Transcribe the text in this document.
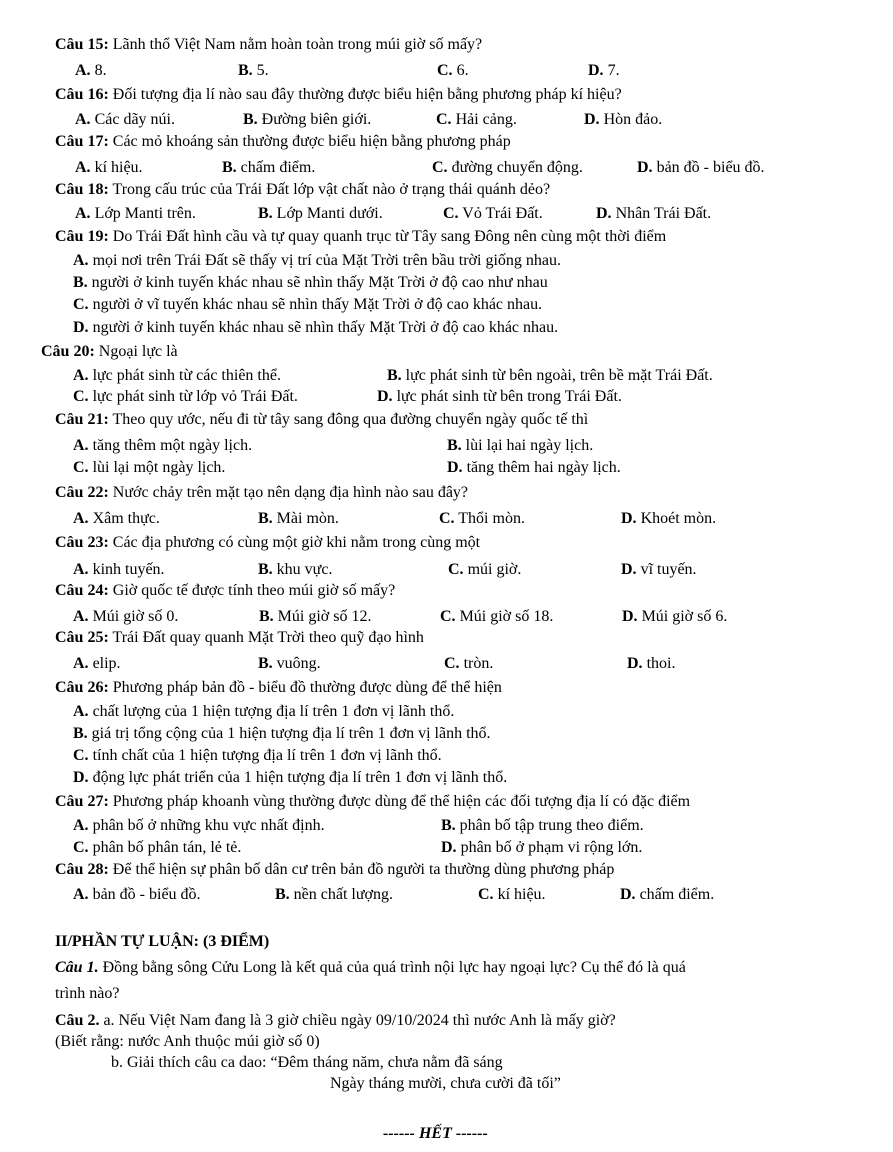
Câu 15: Lãnh thổ Việt Nam nằm hoàn toàn trong múi giờ số mấy?
A. 8.	B. 5.	C. 6.	D. 7.
Câu 16: Đối tượng địa lí nào sau đây thường được biểu hiện bằng phương pháp kí hiệu?
A. Các dãy núi.	B. Đường biên giới.	C. Hải cảng.	D. Hòn đảo.
Câu 17: Các mỏ khoáng sản thường được biểu hiện bằng phương pháp
A. kí hiệu.	B. chấm điểm.	C. đường chuyển động.	D. bản đồ - biểu đồ.
Câu 18: Trong cấu trúc của Trái Đất lớp vật chất nào ở trạng thái quánh dẻo?
A. Lớp Manti trên.	B. Lớp Manti dưới.	C. Vỏ Trái Đất.	D. Nhân Trái Đất.
Câu 19: Do Trái Đất hình cầu và tự quay quanh trục từ Tây sang Đông nên cùng một thời điểm
A. mọi nơi trên Trái Đất sẽ thấy vị trí của Mặt Trời trên bầu trời giống nhau.
B. người ở kinh tuyến khác nhau sẽ nhìn thấy Mặt Trời ở độ cao như nhau
C. người ở vĩ tuyến khác nhau sẽ nhìn thấy Mặt Trời ở độ cao khác nhau.
D. người ở kinh tuyến khác nhau sẽ nhìn thấy Mặt Trời ở độ cao khác nhau.
Câu 20: Ngoại lực là
A. lực phát sinh từ các thiên thể.	B. lực phát sinh từ bên ngoài, trên bề mặt Trái Đất.
C. lực phát sinh từ lớp vỏ Trái Đất.	D. lực phát sinh từ bên trong Trái Đất.
Câu 21: Theo quy ước, nếu đi từ tây sang đông qua đường chuyển ngày quốc tế thì
A. tăng thêm một ngày lịch.	B. lùi lại hai ngày lịch.
C. lùi lại một ngày lịch.	D. tăng thêm hai ngày lịch.
Câu 22: Nước chảy trên mặt tạo nên dạng địa hình nào sau đây?
A. Xâm thực.	B. Mài mòn.	C. Thổi mòn.	D. Khoét mòn.
Câu 23: Các địa phương có cùng một giờ khi nằm trong cùng một
A. kinh tuyến.	B. khu vực.	C. múi giờ.	D. vĩ tuyến.
Câu 24: Giờ quốc tế được tính theo múi giờ số mấy?
A. Múi giờ số 0.	B. Múi giờ số 12.	C. Múi giờ số 18.	D. Múi giờ số 6.
Câu 25: Trái Đất quay quanh Mặt Trời theo quỹ đạo hình
A. elip.	B. vuông.	C. tròn.	D. thoi.
Câu 26: Phương pháp bản đồ - biểu đồ thường được dùng để thể hiện
A. chất lượng của 1 hiện tượng địa lí trên 1 đơn vị lãnh thổ.
B. giá trị tổng cộng của 1 hiện tượng địa lí trên 1 đơn vị lãnh thổ.
C. tính chất của 1 hiện tượng địa lí trên 1 đơn vị lãnh thổ.
D. động lực phát triển của 1 hiện tượng địa lí trên 1 đơn vị lãnh thổ.
Câu 27: Phương pháp khoanh vùng thường được dùng để thể hiện các đối tượng địa lí có đặc điểm
A. phân bố ở những khu vực nhất định.	B. phân bố tập trung theo điểm.
C. phân bố phân tán, lẻ tẻ.	D. phân bố ở phạm vi rộng lớn.
Câu 28: Để thể hiện sự phân bố dân cư trên bản đồ người ta thường dùng phương pháp
A. bản đồ - biểu đồ.	B. nền chất lượng.	C. kí hiệu.	D. chấm điểm.
II/PHẦN TỰ LUẬN: (3 ĐIỂM)
Câu 1. Đồng bằng sông Cửu Long là kết quả của quá trình nội lực hay ngoại lực? Cụ thể đó là quá
trình nào?
Câu 2. a. Nếu Việt Nam đang là 3 giờ chiều ngày 09/10/2024 thì nước Anh là mấy giờ?
(Biết rằng: nước Anh thuộc múi giờ số 0)
b. Giải thích câu ca dao: “Đêm tháng năm, chưa nằm đã sáng
Ngày tháng mười, chưa cười đã tối”
------ HẾT ------
